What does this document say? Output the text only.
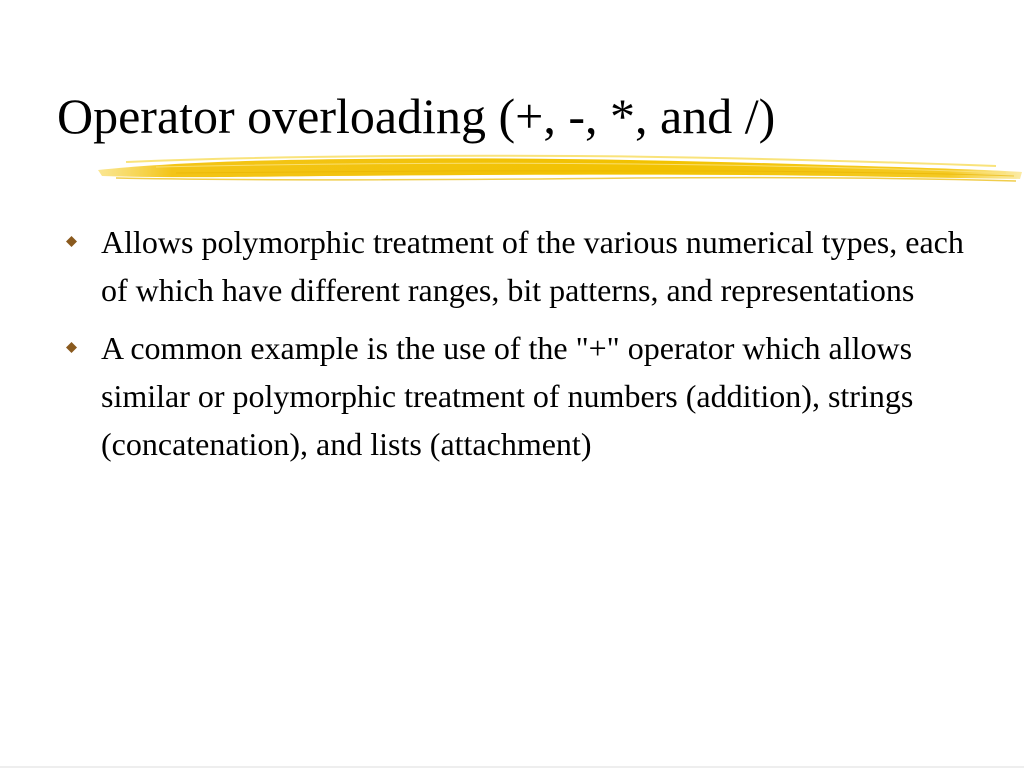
Operator overloading (+, -, *, and /)
Allows polymorphic treatment of the various numerical types, each of which have different ranges, bit patterns, and representations
A common example is the use of the "+" operator which allows similar or polymorphic treatment of numbers (addition), strings (concatenation), and lists (attachment)
